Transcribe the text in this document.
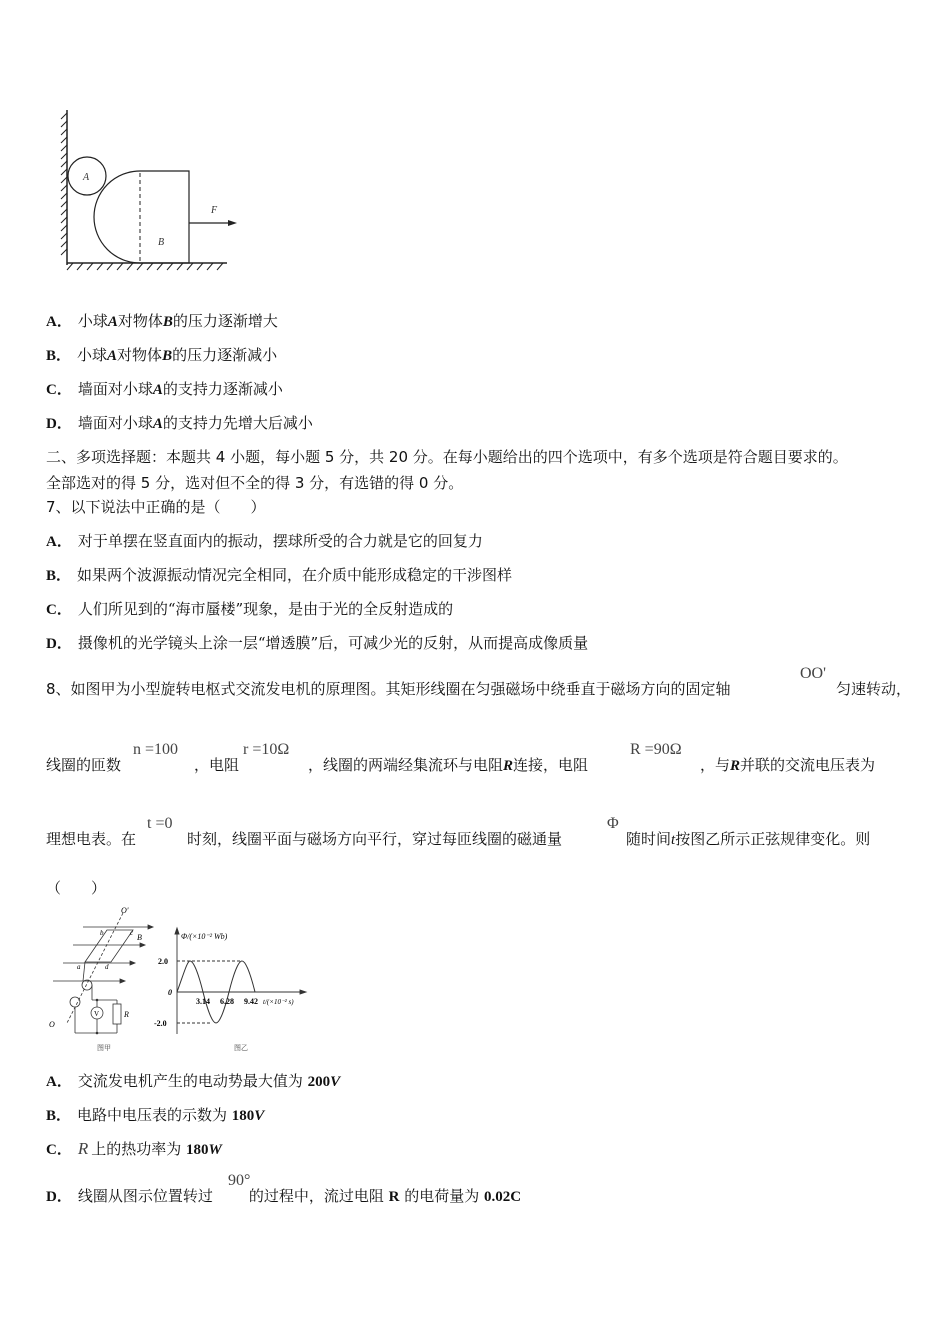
A
B
F
A． 小球A对物体B的压力逐渐增大
B． 小球A对物体B的压力逐渐减小
C． 墙面对小球A的支持力逐渐减小
D． 墙面对小球A的支持力先增大后减小
二、多项选择题：本题共 4 小题，每小题 5 分，共 20 分。在每小题给出的四个选项中，有多个选项是符合题目要求的。
全部选对的得 5 分，选对但不全的得 3 分，有选错的得 0 分。
7、以下说法中正确的是（　　）
A． 对于单摆在竖直面内的振动，摆球所受的合力就是它的回复力
B． 如果两个波源振动情况完全相同，在介质中能形成稳定的干涉图样
C． 人们所见到的“海市蜃楼”现象，是由于光的全反射造成的
D． 摄像机的光学镜头上涂一层“增透膜”后，可减少光的反射，从而提高成像质量
8、如图甲为小型旋转电枢式交流发电机的原理图。其矩形线圈在匀强磁场中绕垂直于磁场方向的固定轴
OO'
匀速转动，
线圈的匝数
n =100
，电阻
r =10Ω
，线圈的两端经集流环与电阻R连接，电阻
R =90Ω
，与R并联的交流电压表为
理想电表。在
t =0
时刻，线圈平面与磁场方向平行，穿过每匝线圈的磁通量
Φ
随时间t按图乙所示正弦规律变化。则
（　　）
O'
O
b	c B
a	d
V	R
图甲
Φ/(×10⁻² Wb)
2.0
0
-2.0
3.14 6.28 9.42 t/(×10⁻² s)
图乙
A． 交流发电机产生的电动势最大值为 200V
B． 电路中电压表的示数为 180V
C． R 上的热功率为 180W
D． 线圈从图示位置转过 的过程中，流过电阻 R 的电荷量为 0.02C
90°
